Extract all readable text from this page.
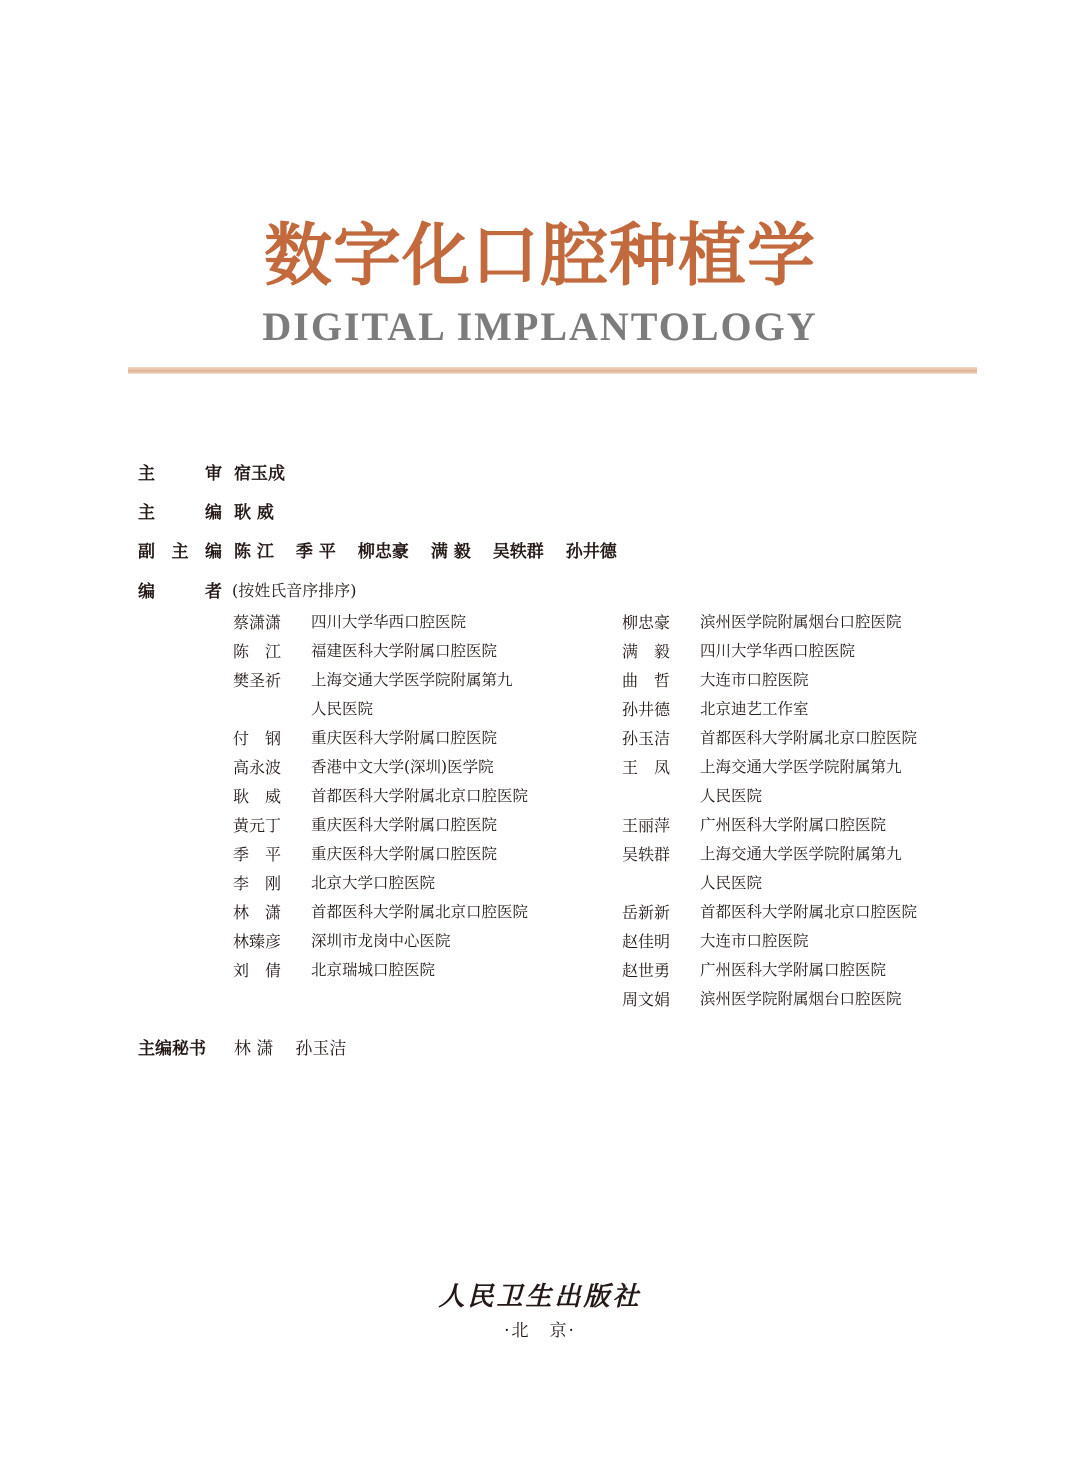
数字化口腔种植学
DIGITAL IMPLANTOLOGY
主	审 宿玉成
主	编 耿 威
副 主 编 陈 江 季 平 柳忠豪 满 毅 吴轶群 孙井德
编	者 (按姓氏音序排序)
蔡潇潇	四川大学华西口腔医院
陈　江	福建医科大学附属口腔医院
樊圣祈	上海交通大学医学院附属第九
人民医院
付　钢	重庆医科大学附属口腔医院
高永波	香港中文大学(深圳)医学院
耿　威	首都医科大学附属北京口腔医院
黄元丁	重庆医科大学附属口腔医院
季　平	重庆医科大学附属口腔医院
李　刚	北京大学口腔医院
林　潇	首都医科大学附属北京口腔医院
林臻彦	深圳市龙岗中心医院
刘　倩	北京瑞城口腔医院
柳忠豪	滨州医学院附属烟台口腔医院
满　毅	四川大学华西口腔医院
曲　哲	大连市口腔医院
孙井德	北京迪艺工作室
孙玉洁	首都医科大学附属北京口腔医院
王　凤	上海交通大学医学院附属第九
人民医院
王丽萍	广州医科大学附属口腔医院
吴轶群	上海交通大学医学院附属第九
人民医院
岳新新	首都医科大学附属北京口腔医院
赵佳明	大连市口腔医院
赵世勇	广州医科大学附属口腔医院
周文娟	滨州医学院附属烟台口腔医院
主 编 秘 书 林 潇 孙玉洁
人民卫生出版社
·北　京·
